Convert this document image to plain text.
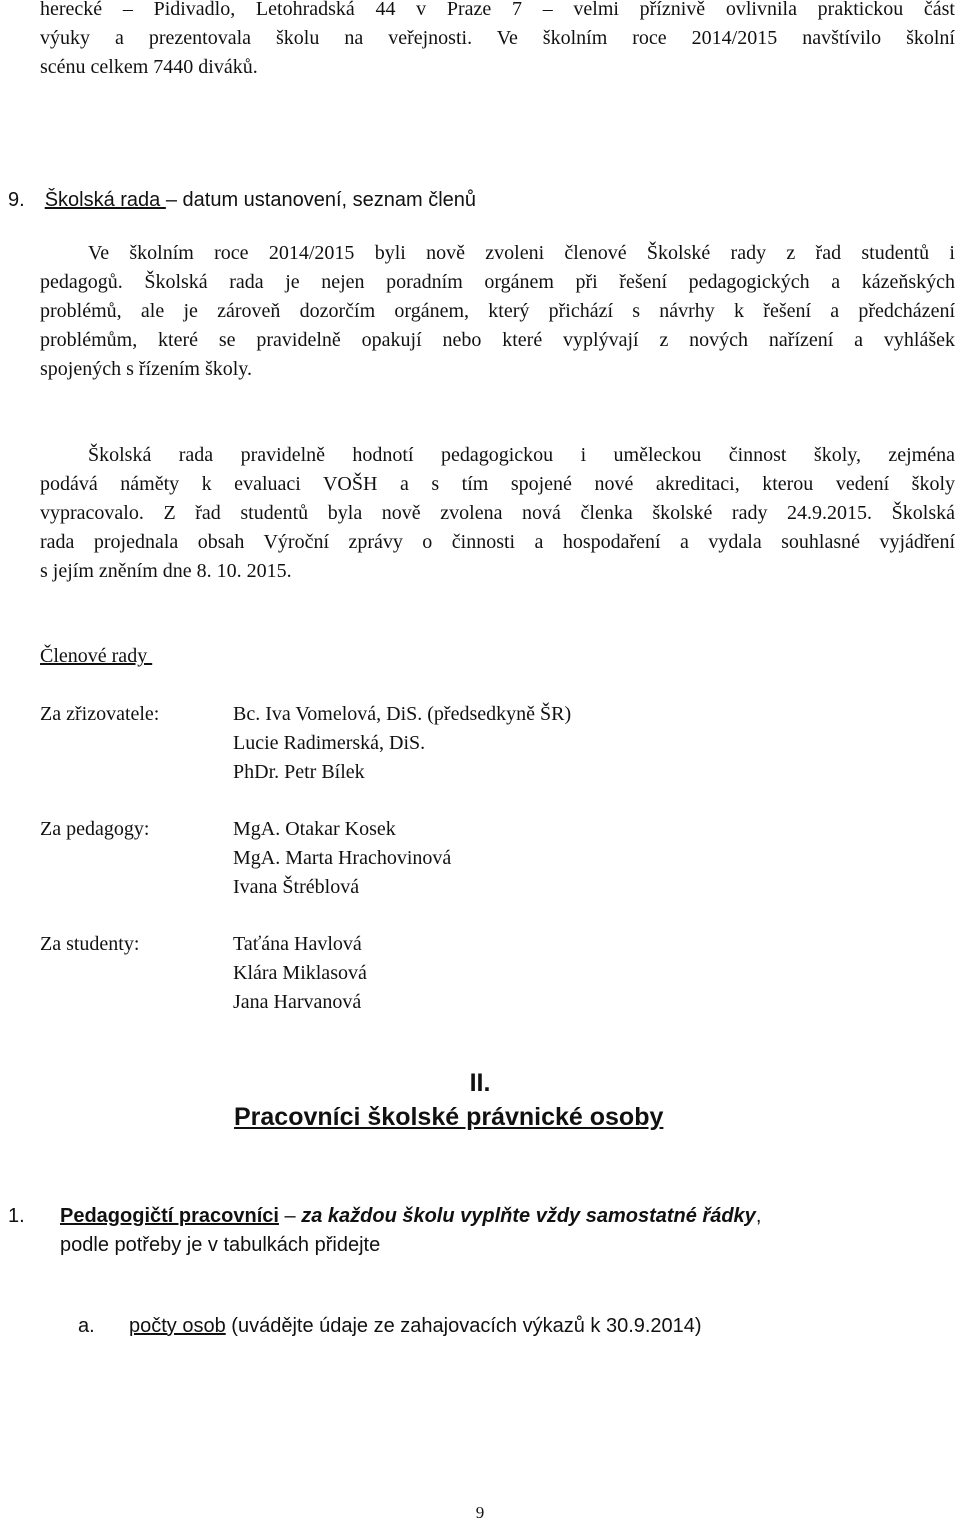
herecké – Pidivadlo, Letohradská 44 v Praze 7 – velmi příznivě ovlivnila praktickou část
výuky a prezentovala školu na veřejnosti. Ve školním roce 2014/2015 navštívilo školní
scénu celkem 7440 diváků.
9. Školská rada – datum ustanovení, seznam členů
Ve školním roce 2014/2015 byli nově zvoleni členové Školské rady z řad studentů i
pedagogů. Školská rada je nejen poradním orgánem při řešení pedagogických a kázeňských
problémů, ale je zároveň dozorčím orgánem, který přichází s návrhy k řešení a předcházení
problémům, které se pravidelně opakují nebo které vyplývají z nových nařízení a vyhlášek
spojených s řízením školy.
Školská rada pravidelně hodnotí pedagogickou i uměleckou činnost školy, zejména
podává náměty k evaluaci VOŠH a s tím spojené nové akreditaci, kterou vedení školy
vypracovalo. Z řad studentů byla nově zvolena nová členka školské rady 24.9.2015. Školská
rada projednala obsah Výroční zprávy o činnosti a hospodaření a vydala souhlasné vyjádření
s jejím zněním dne 8. 10. 2015.
Členové rady
Za zřizovatele:	Bc. Iva Vomelová, DiS. (předsedkyně ŠR)
Lucie Radimerská, DiS.
PhDr. Petr Bílek
Za pedagogy:	MgA. Otakar Kosek
MgA. Marta Hrachovinová
Ivana Štréblová
Za studenty:	Taťána Havlová
Klára Miklasová
Jana Harvanová
II.
Pracovníci školské právnické osoby
1. Pedagogičtí pracovníci – za každou školu vyplňte vždy samostatné řádky,
podle potřeby je v tabulkách přidejte
a. počty osob (uvádějte údaje ze zahajovacích výkazů k 30.9.2014)
9
